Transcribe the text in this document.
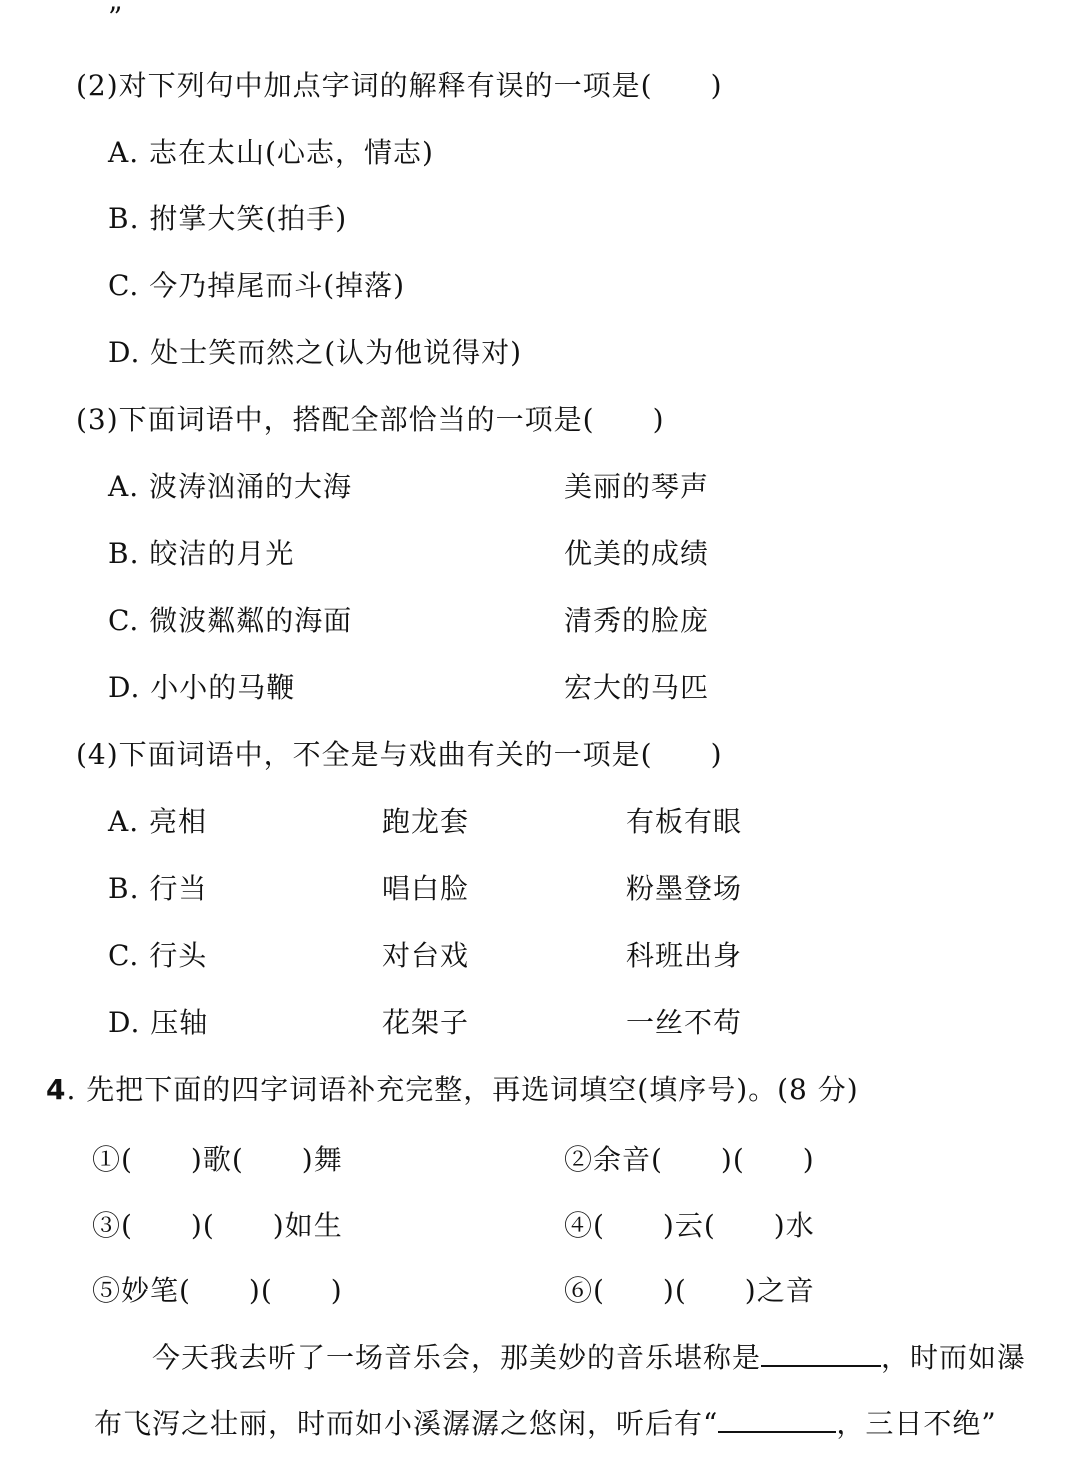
”
(2)对下列句中加点字词的解释有误的一项是(　　)
A. 志在太山(心志，情志)
B. 拊掌大笑(拍手)
C. 今乃掉尾而斗(掉落)
D. 处士笑而然之(认为他说得对)
(3)下面词语中，搭配全部恰当的一项是(　　)
A. 波涛汹涌的大海	美丽的琴声
B. 皎洁的月光	优美的成绩
C. 微波粼粼的海面	清秀的脸庞
D. 小小的马鞭	宏大的马匹
(4)下面词语中，不全是与戏曲有关的一项是(　　)
A. 亮相	跑龙套	有板有眼
B. 行当	唱白脸	粉墨登场
C. 行头	对台戏	科班出身
D. 压轴	花架子	一丝不苟
4. 先把下面的四字词语补充完整，再选词填空(填序号)。(8 分)
①(　　)歌(　　)舞	②余音(　　)(　　)
③(　　)(　　)如生	④(　　)云(　　)水
⑤妙笔(　　)(　　)	⑥(　　)(　　)之音
今天我去听了一场音乐会，那美妙的音乐堪称是	，时而如瀑
布飞泻之壮丽，时而如小溪潺潺之悠闲，听后有“	，三日不绝”
